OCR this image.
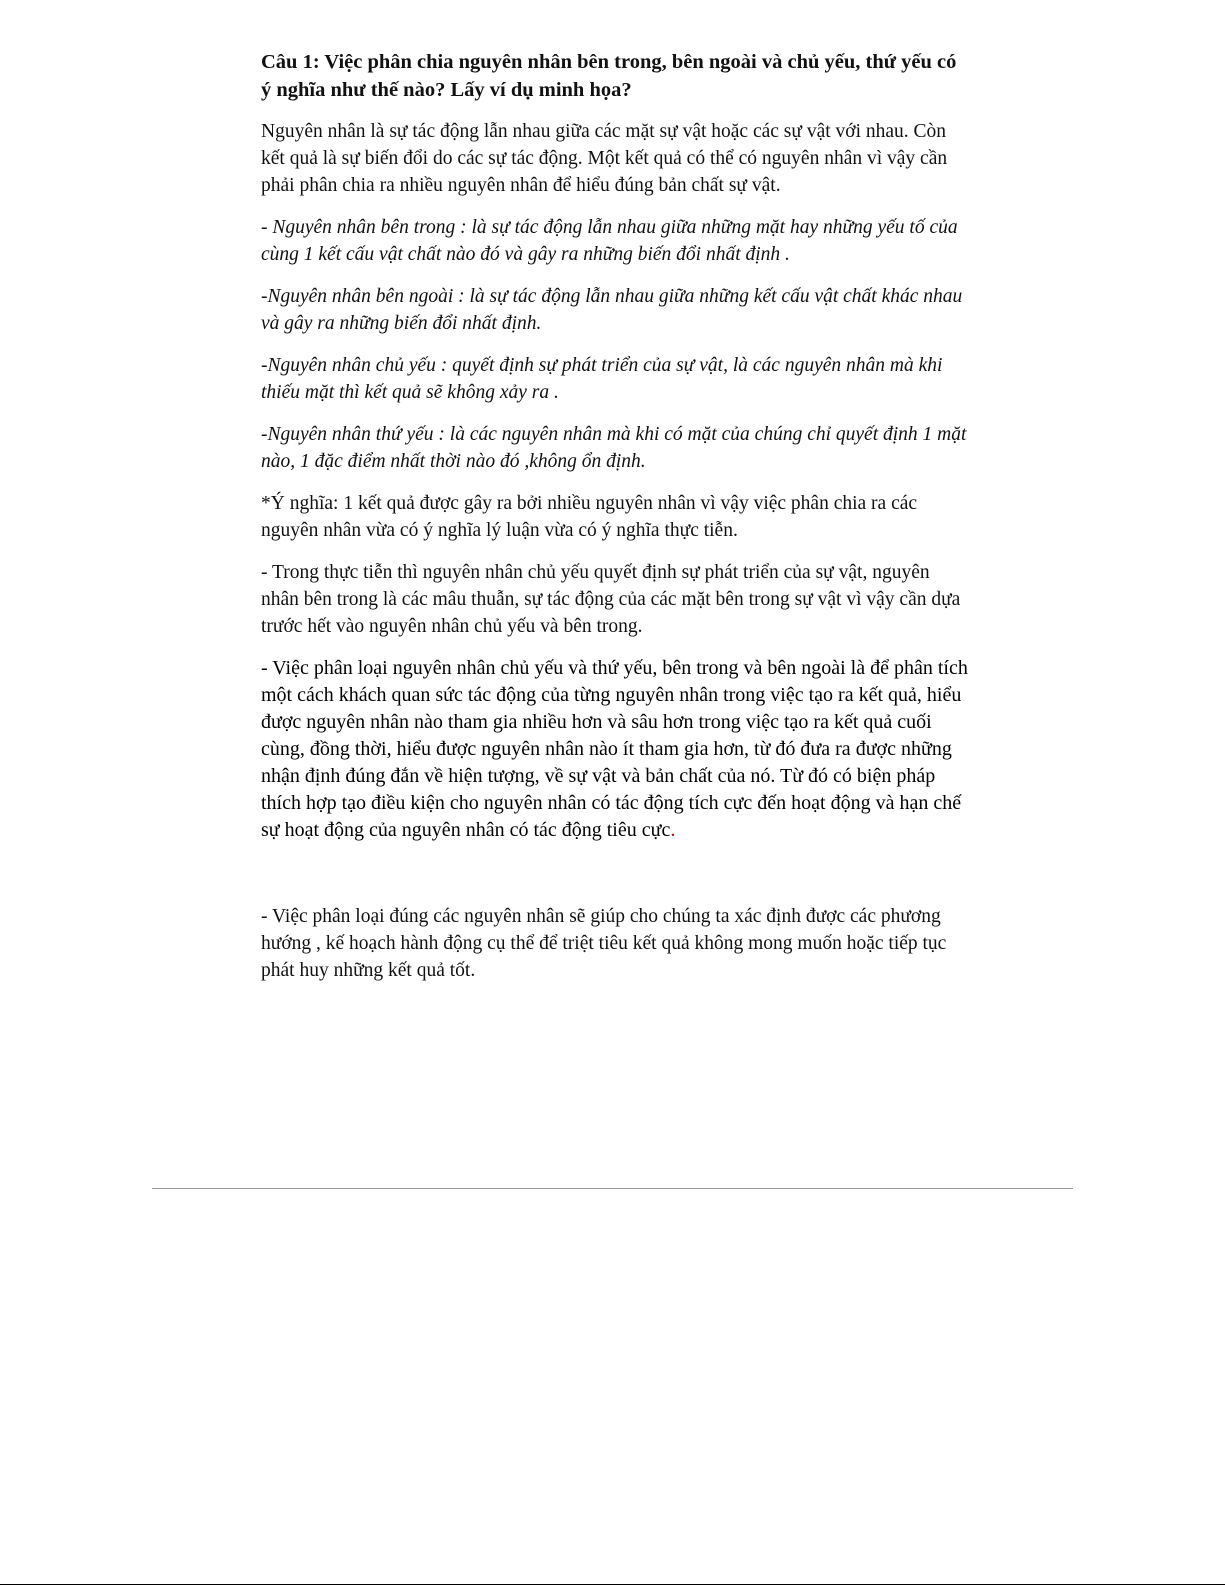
Câu 1: Việc phân chia nguyên nhân bên trong, bên ngoài và chủ yếu, thứ yếu có ý nghĩa như thế nào? Lấy ví dụ minh họa?

Nguyên nhân là sự tác động lẫn nhau giữa các mặt sự vật hoặc các sự vật với nhau. Còn kết quả là sự biến đổi do các sự tác động. Một kết quả có thể có nguyên nhân vì vậy cần phải phân chia ra nhiều nguyên nhân để hiểu đúng bản chất sự vật.

- Nguyên nhân bên trong : là sự tác động lẫn nhau giữa những mặt hay những yếu tố của cùng 1 kết cấu vật chất nào đó và gây ra những biến đổi nhất định .

-Nguyên nhân bên ngoài : là sự tác động lẫn nhau giữa những kết cấu vật chất khác nhau và gây ra những biến đổi nhất định.

-Nguyên nhân chủ yếu : quyết định sự phát triển của sự vật, là các nguyên nhân mà khi thiếu mặt thì kết quả sẽ không xảy ra .

-Nguyên nhân thứ yếu : là các nguyên nhân mà khi có mặt của chúng chỉ quyết định 1 mặt nào, 1 đặc điểm nhất thời nào đó ,không ổn định.

*Ý nghĩa: 1 kết quả được gây ra bởi nhiều nguyên nhân vì vậy việc phân chia ra các nguyên nhân vừa có ý nghĩa lý luận vừa có ý nghĩa thực tiễn.

- Trong thực tiễn thì nguyên nhân chủ yếu quyết định sự phát triển của sự vật, nguyên nhân bên trong là các mâu thuẫn, sự tác động của các mặt bên trong sự vật vì vậy cần dựa trước hết vào nguyên nhân chủ yếu và bên trong.

- Việc phân loại nguyên nhân chủ yếu và thứ yếu, bên trong và bên ngoài là để phân tích một cách khách quan sức tác động của từng nguyên nhân trong việc tạo ra kết quả, hiểu được nguyên nhân nào tham gia nhiều hơn và sâu hơn trong việc tạo ra kết quả cuối cùng, đồng thời, hiểu được nguyên nhân nào ít tham gia hơn, từ đó đưa ra được những nhận định đúng đắn về hiện tượng, về sự vật và bản chất của nó. Từ đó có biện pháp thích hợp tạo điều kiện cho nguyên nhân có tác động tích cực đến hoạt động và hạn chế sự hoạt động của nguyên nhân có tác động tiêu cực.

- Việc phân loại đúng các nguyên nhân sẽ giúp cho chúng ta xác định được các phương hướng , kế hoạch hành động cụ thể để triệt tiêu kết quả không mong muốn hoặc tiếp tục phát huy những kết quả tốt.
